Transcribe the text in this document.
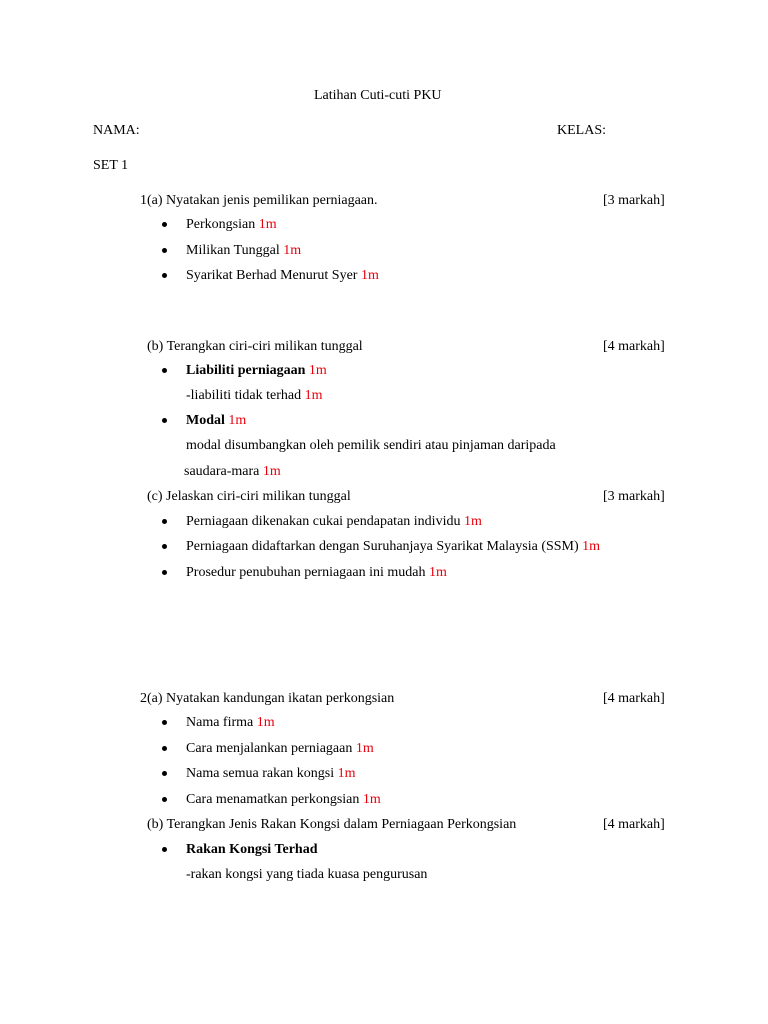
Latihan Cuti-cuti PKU
NAMA:	KELAS:
SET 1
1(a) Nyatakan jenis pemilikan perniagaan.	[3 markah]
Perkongsian 1m
Milikan Tunggal 1m
Syarikat Berhad Menurut Syer 1m
(b) Terangkan ciri-ciri milikan tunggal	[4 markah]
Liabiliti perniagaan 1m
-liabiliti tidak terhad 1m
Modal 1m
modal disumbangkan oleh pemilik sendiri atau pinjaman daripada
saudara-mara 1m
(c) Jelaskan ciri-ciri milikan tunggal	[3 markah]
Perniagaan dikenakan cukai pendapatan individu 1m
Perniagaan didaftarkan dengan Suruhanjaya Syarikat Malaysia (SSM) 1m
Prosedur penubuhan perniagaan ini mudah 1m
2(a) Nyatakan kandungan ikatan perkongsian	[4 markah]
Nama firma 1m
Cara menjalankan perniagaan 1m
Nama semua rakan kongsi 1m
Cara menamatkan perkongsian 1m
(b) Terangkan Jenis Rakan Kongsi dalam Perniagaan Perkongsian	[4 markah]
Rakan Kongsi Terhad
-rakan kongsi yang tiada kuasa pengurusan
